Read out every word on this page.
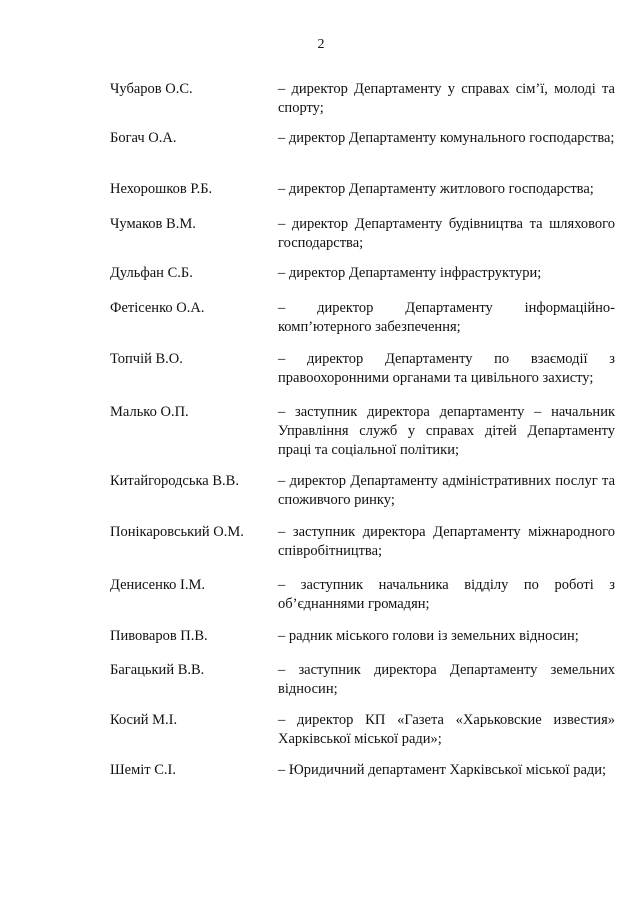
2
Чубаров О.С.	– директор Департаменту у справах сім’ї, молоді та спорту;
Богач О.А.	– директор Департаменту комунального господарства;
Нехорошков Р.Б.	– директор Департаменту житлового господарства;
Чумаков В.М.	– директор Департаменту будівництва та шляхового господарства;
Дульфан С.Б.	– директор Департаменту інфраструктури;
Фетісенко О.А.	– директор Департаменту інформаційно-комп’ютерного забезпечення;
Топчій В.О.	– директор Департаменту по взаємодії з правоохоронними органами та цивільного захисту;
Малько О.П.	– заступник директора департаменту – начальник Управління служб у справах дітей Департаменту праці та соціальної політики;
Китайгородська В.В.	– директор Департаменту адміністративних послуг та споживчого ринку;
Понікаровський О.М.	– заступник директора Департаменту міжнародного співробітництва;
Денисенко І.М.	– заступник начальника відділу по роботі з об’єднаннями громадян;
Пивоваров П.В.	– радник міського голови із земельних відносин;
Багацький В.В.	– заступник директора Департаменту земельних відносин;
Косий М.І.	– директор КП «Газета «Харьковские известия» Харківської міської ради»;
Шеміт С.І.	– Юридичний департамент Харківської міської ради;
